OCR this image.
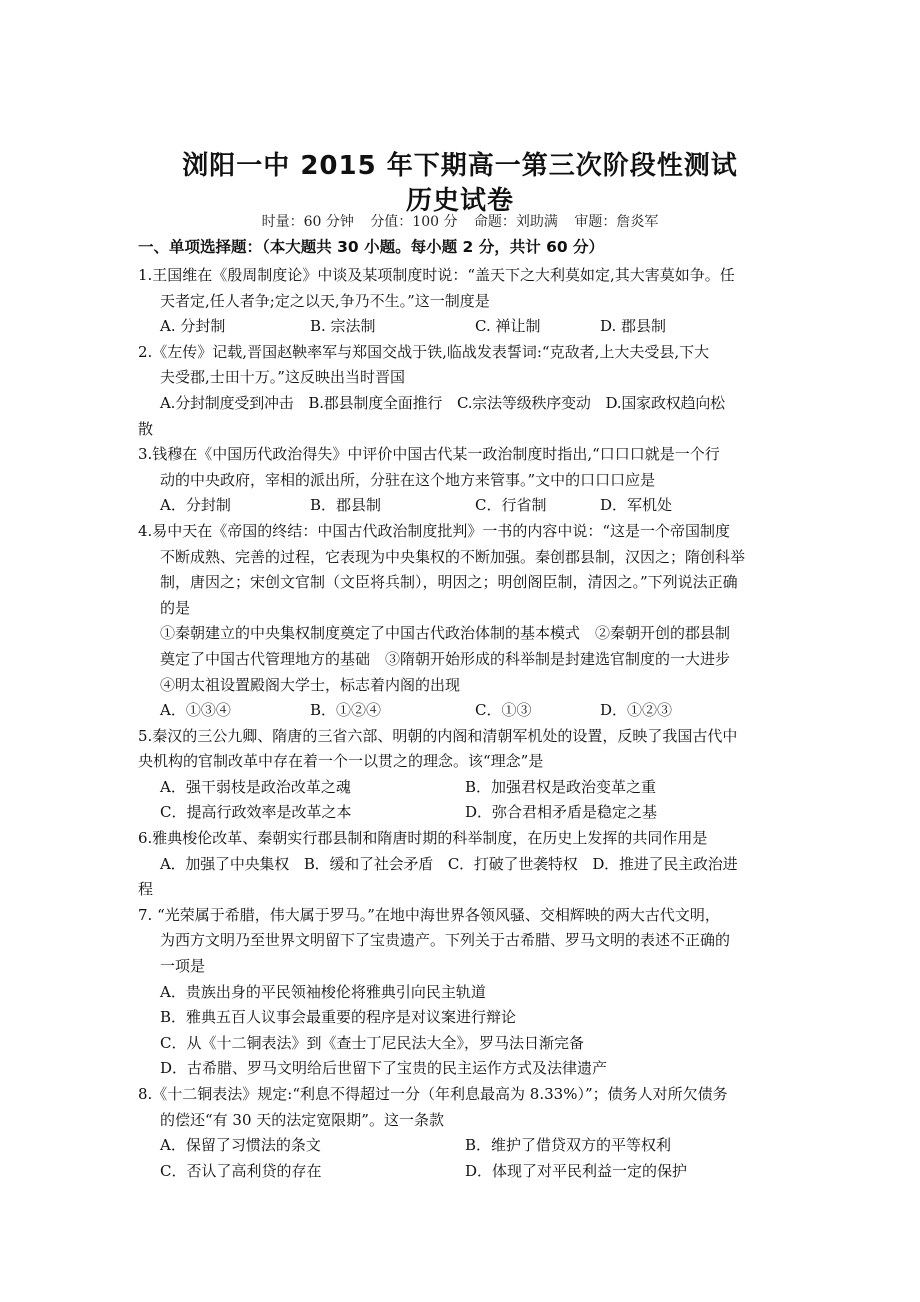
浏阳一中 2015 年下期高一第三次阶段性测试
历史试卷
时量：60 分钟 分值：100 分 命题：刘助满 审题：詹炎军
一、单项选择题：（本大题共 30 小题。每小题 2 分，共计 60 分）
1.王国维在《殷周制度论》中谈及某项制度时说：“盖天下之大利莫如定,其大害莫如争。任
天者定,任人者争;定之以天,争乃不生。”这一制度是
A. 分封制	B. 宗法制	C. 禅让制	D. 郡县制
2.《左传》记载,晋国赵鞅率军与郑国交战于铁,临战发表誓词:“克敌者,上大夫受县,下大
夫受郡,士田十万。”这反映出当时晋国
A.分封制度受到冲击　B.郡县制度全面推行　C.宗法等级秩序变动　D.国家政权趋向松
散
3.钱穆在《中国历代政治得失》中评价中国古代某一政治制度时指出,“口口口就是一个行
动的中央政府，宰相的派出所，分驻在这个地方来管事。”文中的口口口应是
A．分封制	B．郡县制	C．行省制	D．军机处
4.易中天在《帝国的终结：中国古代政治制度批判》一书的内容中说：“这是一个帝国制度
不断成熟、完善的过程，它表现为中央集权的不断加强。秦创郡县制，汉因之；隋创科举
制，唐因之；宋创文官制（文臣将兵制），明因之；明创阁臣制，清因之。”下列说法正确
的是
①秦朝建立的中央集权制度奠定了中国古代政治体制的基本模式　②秦朝开创的郡县制
奠定了中国古代管理地方的基础　③隋朝开始形成的科举制是封建选官制度的一大进步
④明太祖设置殿阁大学士，标志着内阁的出现
A．①③④	B．①②④	C．①③	D．①②③
5.秦汉的三公九卿、隋唐的三省六部、明朝的内阁和清朝军机处的设置，反映了我国古代中
央机构的官制改革中存在着一个一以贯之的理念。该“理念”是
A．强干弱枝是政治改革之魂	B．加强君权是政治变革之重
C．提高行政效率是改革之本	D．弥合君相矛盾是稳定之基
6.雅典梭伦改革、秦朝实行郡县制和隋唐时期的科举制度，在历史上发挥的共同作用是
A．加强了中央集权　B．缓和了社会矛盾　C．打破了世袭特权　D．推进了民主政治进
程
7. “光荣属于希腊，伟大属于罗马。”在地中海世界各领风骚、交相辉映的两大古代文明，
为西方文明乃至世界文明留下了宝贵遗产。下列关于古希腊、罗马文明的表述不正确的
一项是
A．贵族出身的平民领袖梭伦将雅典引向民主轨道
B．雅典五百人议事会最重要的程序是对议案进行辩论
C．从《十二铜表法》到《查士丁尼民法大全》，罗马法日渐完备
D．古希腊、罗马文明给后世留下了宝贵的民主运作方式及法律遗产
8.《十二铜表法》规定:“利息不得超过一分（年利息最高为 8.33%）”；债务人对所欠债务
的偿还“有 30 天的法定宽限期”。这一条款
A．保留了习惯法的条文	B．维护了借贷双方的平等权利
C．否认了高利贷的存在	D．体现了对平民利益一定的保护
